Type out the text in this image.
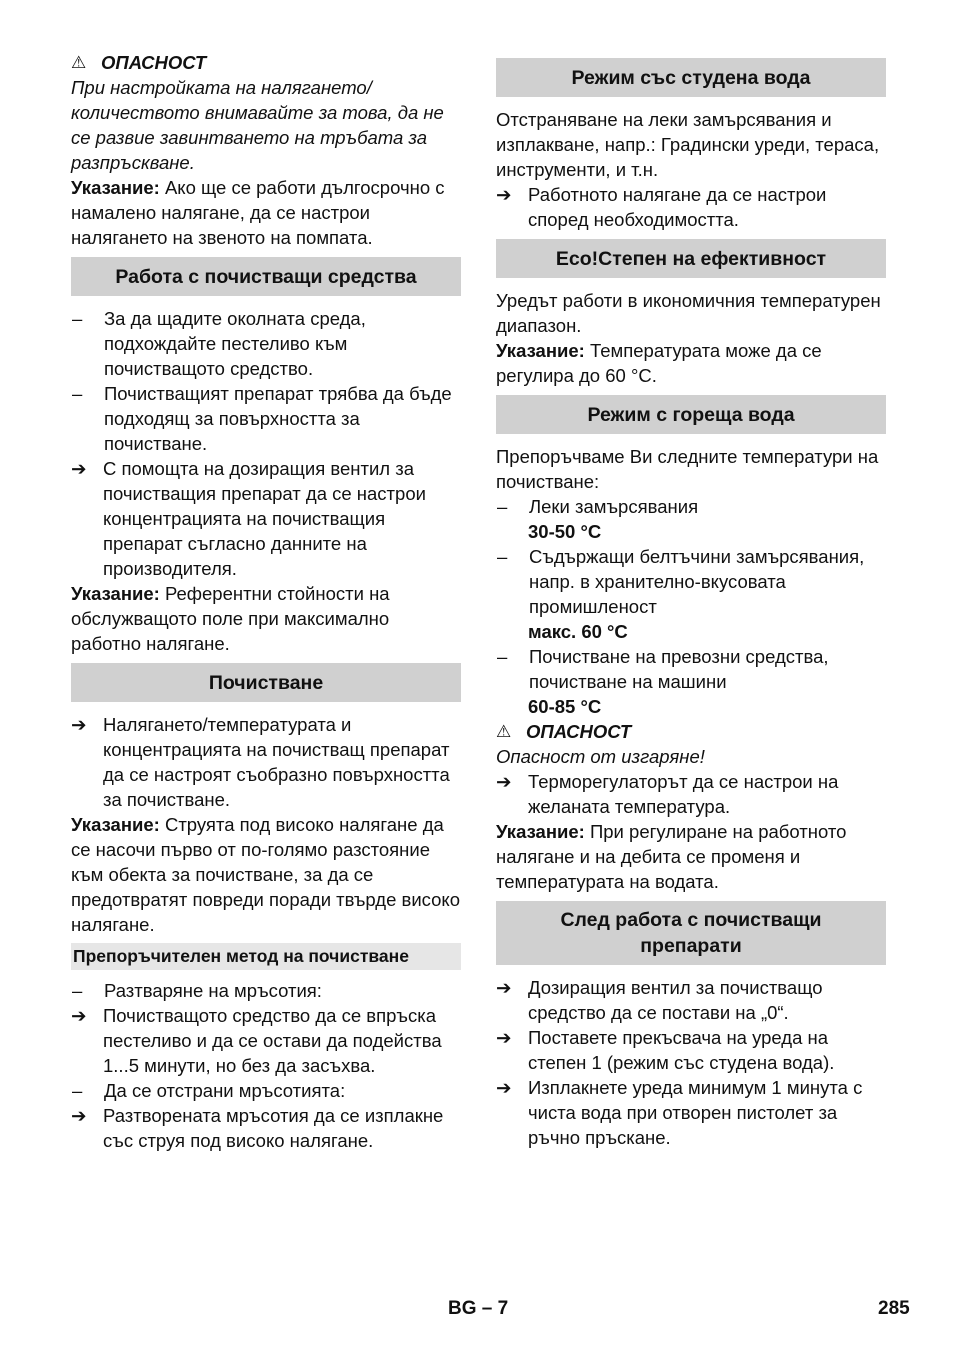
⚠ ОПАСНОСТ

При настройката на налягането/количеството внимавайте за това, да не се развие завинтването на тръбата за разпръскване.

Указание: Ако ще се работи дългосрочно с намалено налягане, да се настрои налягането на звеното на помпата.

Работа с почистващи средства
–	За да щадите околната среда, подхождайте пестеливо към почистващото средство.
–	Почистващият препарат трябва да бъде подходящ за повърхността за почистване.
➔ С помощта на дозиращия вентил за почистващия препарат да се настрои концентрацията на почистващия препарат съгласно данните на производителя.

Указание: Референтни стойности на обслужващото поле при максимално работно налягане.

Почистване
➔ Налягането/температурата и концентрацията на почистващ препарат да се настроят съобразно повърхността за почистване.

Указание: Струята под високо налягане да се насочи първо от по-голямо разстояние към обекта за почистване, за да се предотвратят повреди поради твърде високо налягане.

Препоръчителен метод на почистване
–	Разтваряне на мръсотия:
➔ Почистващото средство да се впръска пестеливо и да се остави да подейства 1...5 минути, но без да засъхва.
–	Да се отстрани мръсотията:
➔ Разтворената мръсотия да се изплакне със струя под високо налягане.
Режим със студена вода

Отстраняване на леки замърсявания и изплакване, напр.: Градински уреди, тераса, инструменти, и т.н.

➔ Работното налягане да се настрои според необходимостта.
Eco!Степен на ефективност

Уредът работи в икономичния температурен диапазон.

Указание: Температурата може да се регулира до 60 °C.

Режим с гореща вода

Препоръчваме Ви следните температури на почистване:

–	Леки замърсявания
30-50 °C
–	Съдържащи белтъчини замърсявания, напр. в хранително-вкусовата промишленост
макс. 60 °C
–	Почистване на превозни средства, почистване на машини
60-85 °C
⚠ ОПАСНОСТ

Опасност от изгаряне!

➔ Терморегулаторът да се настрои на желаната температура.

Указание: При регулиране на работното налягане и на дебита се променя и температурата на водата.

След работа с почистващи препарати
➔ Дозиращия вентил за почистващо средство да се постави на „0“.
➔ Поставете прекъсвача на уреда на степен 1 (режим със студена вода).
➔ Изплакнете уреда минимум 1 минута с чиста вода при отворен пистолет за ръчно пръскане.
BG – 7	285
